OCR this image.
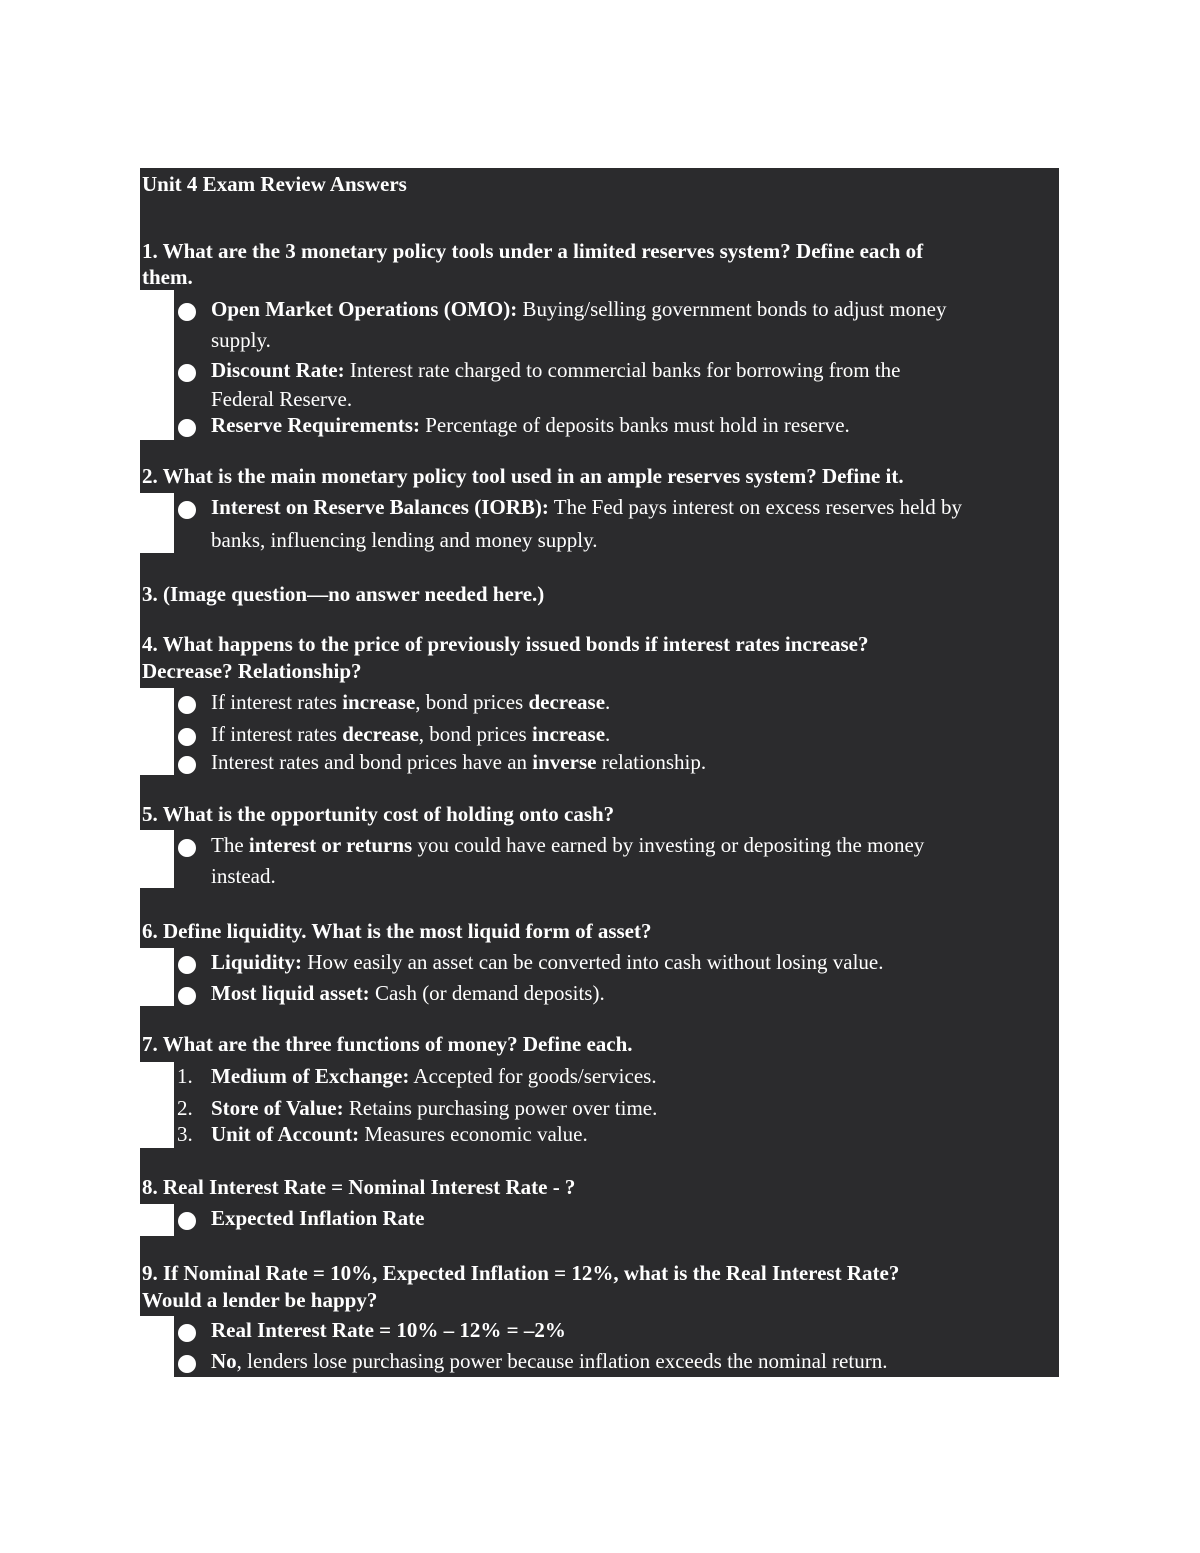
Unit 4 Exam Review Answers
1. What are the 3 monetary policy tools under a limited reserves system? Define each of
them.
Open Market Operations (OMO): Buying/selling government bonds to adjust money
supply.
Discount Rate: Interest rate charged to commercial banks for borrowing from the
Federal Reserve.
Reserve Requirements: Percentage of deposits banks must hold in reserve.
2. What is the main monetary policy tool used in an ample reserves system? Define it.
Interest on Reserve Balances (IORB): The Fed pays interest on excess reserves held by
banks, influencing lending and money supply.
3. (Image question—no answer needed here.)
4. What happens to the price of previously issued bonds if interest rates increase?
Decrease? Relationship?
If interest rates increase, bond prices decrease.
If interest rates decrease, bond prices increase.
Interest rates and bond prices have an inverse relationship.
5. What is the opportunity cost of holding onto cash?
The interest or returns you could have earned by investing or depositing the money
instead.
6. Define liquidity. What is the most liquid form of asset?
Liquidity: How easily an asset can be converted into cash without losing value.
Most liquid asset: Cash (or demand deposits).
7. What are the three functions of money? Define each.
1. Medium of Exchange: Accepted for goods/services.
2. Store of Value: Retains purchasing power over time.
3. Unit of Account: Measures economic value.
8. Real Interest Rate = Nominal Interest Rate - ?
Expected Inflation Rate
9. If Nominal Rate = 10%, Expected Inflation = 12%, what is the Real Interest Rate?
Would a lender be happy?
Real Interest Rate = 10% – 12% = –2%
No, lenders lose purchasing power because inflation exceeds the nominal return.
